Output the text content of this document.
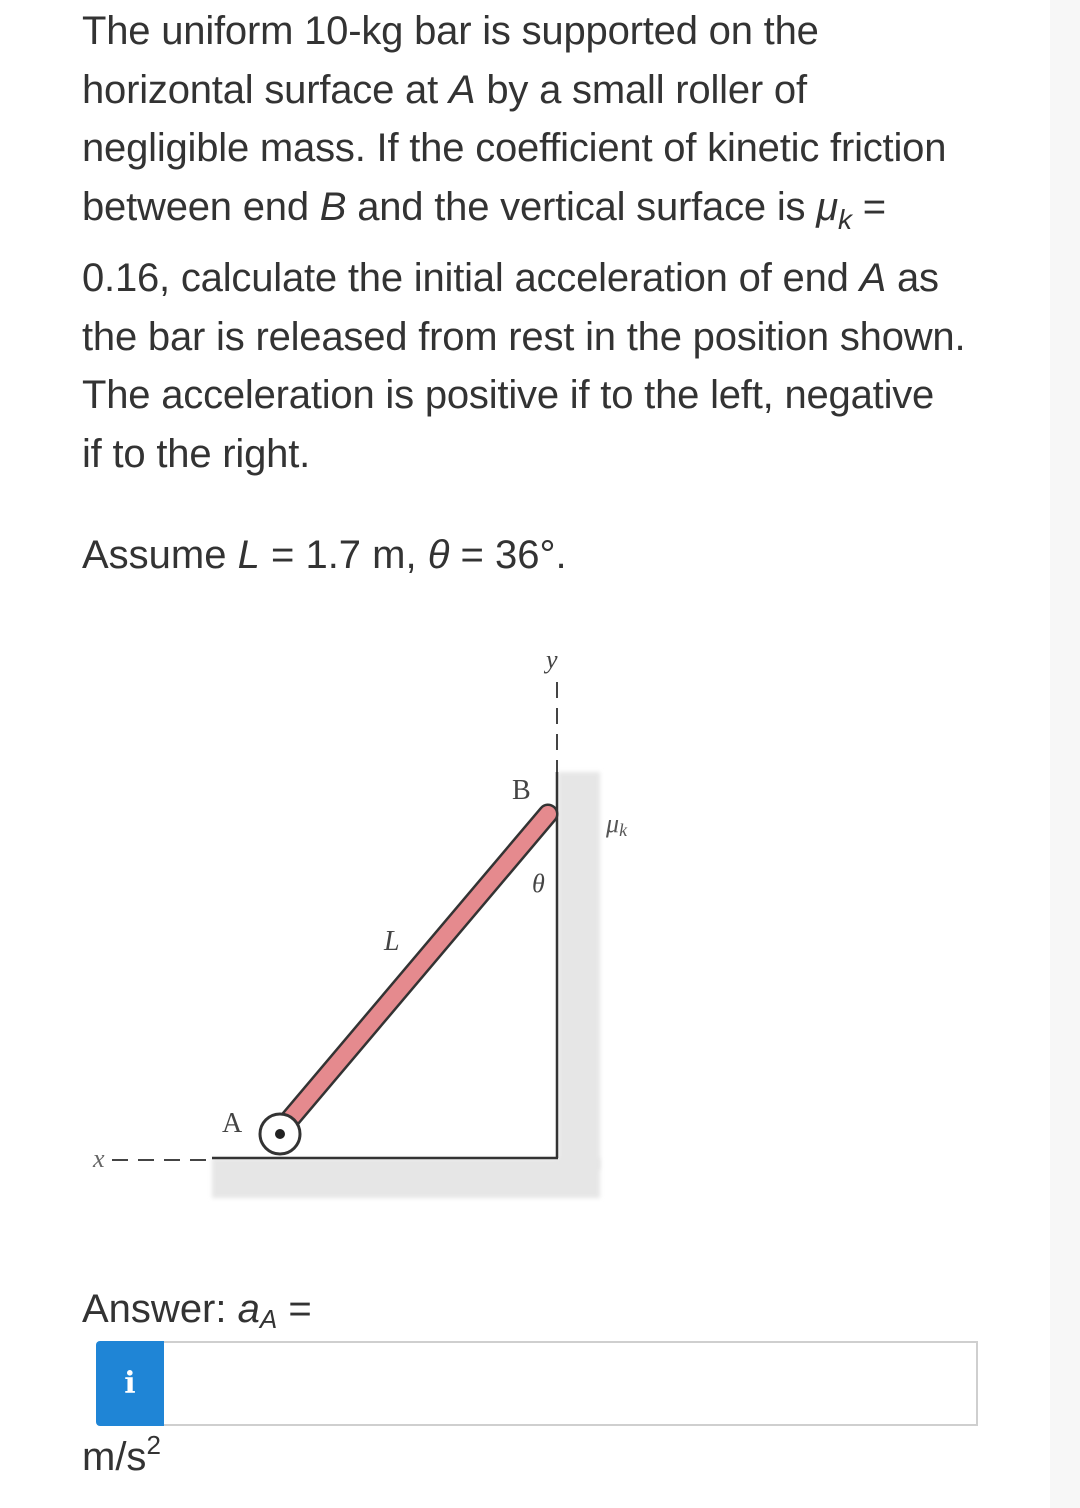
The uniform 10-kg bar is supported on the
horizontal surface at A by a small roller of
negligible mass. If the coefficient of kinetic friction
between end B and the vertical surface is $\mu_k$ =
0.16, calculate the initial acceleration of end A as
the bar is released from rest in the position shown.
The acceleration is positive if to the left, negative
if to the right.
Assume L = 1.7 m, θ = 36°.
y
B
θ
L
A
x
μk
Answer: $a_A$ =
i
$m/s^2$
